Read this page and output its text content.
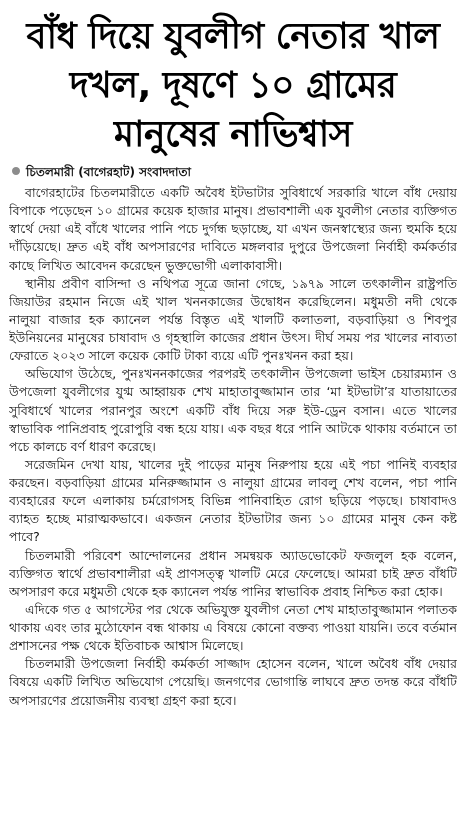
বাঁধ দিয়ে যুবলীগ নেতার খাল
দখল, দূষণে ১০ গ্রামের
মানুষের নাভিশ্বাস
চিতলমারী (বাগেরহাট) সংবাদদাতা

বাগেরহাটের চিতলমারীতে একটি অবৈধ ইটভাটার সুবিধার্থে সরকারি খালে বাঁধ দেয়ায় বিপাকে পড়েছেন ১০ গ্রামের কয়েক হাজার মানুষ। প্রভাবশালী এক যুবলীগ নেতার ব্যক্তিগত স্বার্থে দেয়া এই বাঁধে খালের পানি পচে দুর্গন্ধ ছড়াচ্ছে, যা এখন জনস্বাস্থ্যের জন্য হুমকি হয়ে দাঁড়িয়েছে। দ্রুত এই বাঁধ অপসারণের দাবিতে মঙ্গলবার দুপুরে উপজেলা নির্বাহী কর্মকর্তার কাছে লিখিত আবেদন করেছেন ভুক্তভোগী এলাকাবাসী।

স্থানীয় প্রবীণ বাসিন্দা ও নথিপত্র সূত্রে জানা গেছে, ১৯৭৯ সালে তৎকালীন রাষ্ট্রপতি জিয়াউর রহমান নিজে এই খাল খননকাজের উদ্বোধন করেছিলেন। মধুমতী নদী থেকে নালুয়া বাজার হক ক্যানেল পর্যন্ত বিস্তৃত এই খালটি কলাতলা, বড়বাড়িয়া ও শিবপুর ইউনিয়নের মানুষের চাষাবাদ ও গৃহস্থালি কাজের প্রধান উৎস। দীর্ঘ সময় পর খালের নাব্যতা ফেরাতে ২০২৩ সালে কয়েক কোটি টাকা ব্যয়ে এটি পুনঃখনন করা হয়।

অভিযোগ উঠেছে, পুনঃখননকাজের পরপরই তৎকালীন উপজেলা ভাইস চেয়ারম্যান ও উপজেলা যুবলীগের যুগ্ম আহ্বায়ক শেখ মাহাতাবুজ্জামান তার ‘মা ইটভাটা’র যাতায়াতের সুবিধার্থে খালের পরানপুর অংশে একটি বাঁধ দিয়ে সরু ইউ-ড্রেন বসান। এতে খালের স্বাভাবিক পানিপ্রবাহ পুরোপুরি বন্ধ হয়ে যায়। এক বছর ধরে পানি আটকে থাকায় বর্তমানে তা পচে কালচে বর্ণ ধারণ করেছে।

সরেজমিন দেখা যায়, খালের দুই পাড়ের মানুষ নিরুপায় হয়ে এই পচা পানিই ব্যবহার করছেন। বড়বাড়িয়া গ্রামের মনিরুজ্জামান ও নালুয়া গ্রামের লাবলু শেখ বলেন, পচা পানি ব্যবহারের ফলে এলাকায় চর্মরোগসহ বিভিন্ন পানিবাহিত রোগ ছড়িয়ে পড়ছে। চাষাবাদও ব্যাহত হচ্ছে মারাত্মকভাবে। একজন নেতার ইটভাটার জন্য ১০ গ্রামের মানুষ কেন কষ্ট পাবে?

চিতলমারী পরিবেশ আন্দোলনের প্রধান সমন্বয়ক অ্যাডভোকেট ফজলুল হক বলেন, ব্যক্তিগত স্বার্থে প্রভাবশালীরা এই প্রাণসত্ত্ব খালটি মেরে ফেলেছে। আমরা চাই দ্রুত বাঁধটি অপসারণ করে মধুমতী থেকে হক ক্যানেল পর্যন্ত পানির স্বাভাবিক প্রবাহ নিশ্চিত করা হোক।

এদিকে গত ৫ আগস্টের পর থেকে অভিযুক্ত যুবলীগ নেতা শেখ মাহাতাবুজ্জামান পলাতক থাকায় এবং তার মুঠোফোন বন্ধ থাকায় এ বিষয়ে কোনো বক্তব্য পাওয়া যায়নি। তবে বর্তমান প্রশাসনের পক্ষ থেকে ইতিবাচক আশ্বাস মিলেছে।

চিতলমারী উপজেলা নির্বাহী কর্মকর্তা সাজ্জাদ হোসেন বলেন, খালে অবৈধ বাঁধ দেয়ার বিষয়ে একটি লিখিত অভিযোগ পেয়েছি। জনগণের ভোগান্তি লাঘবে দ্রুত তদন্ত করে বাঁধটি অপসারণের প্রয়োজনীয় ব্যবস্থা গ্রহণ করা হবে।
